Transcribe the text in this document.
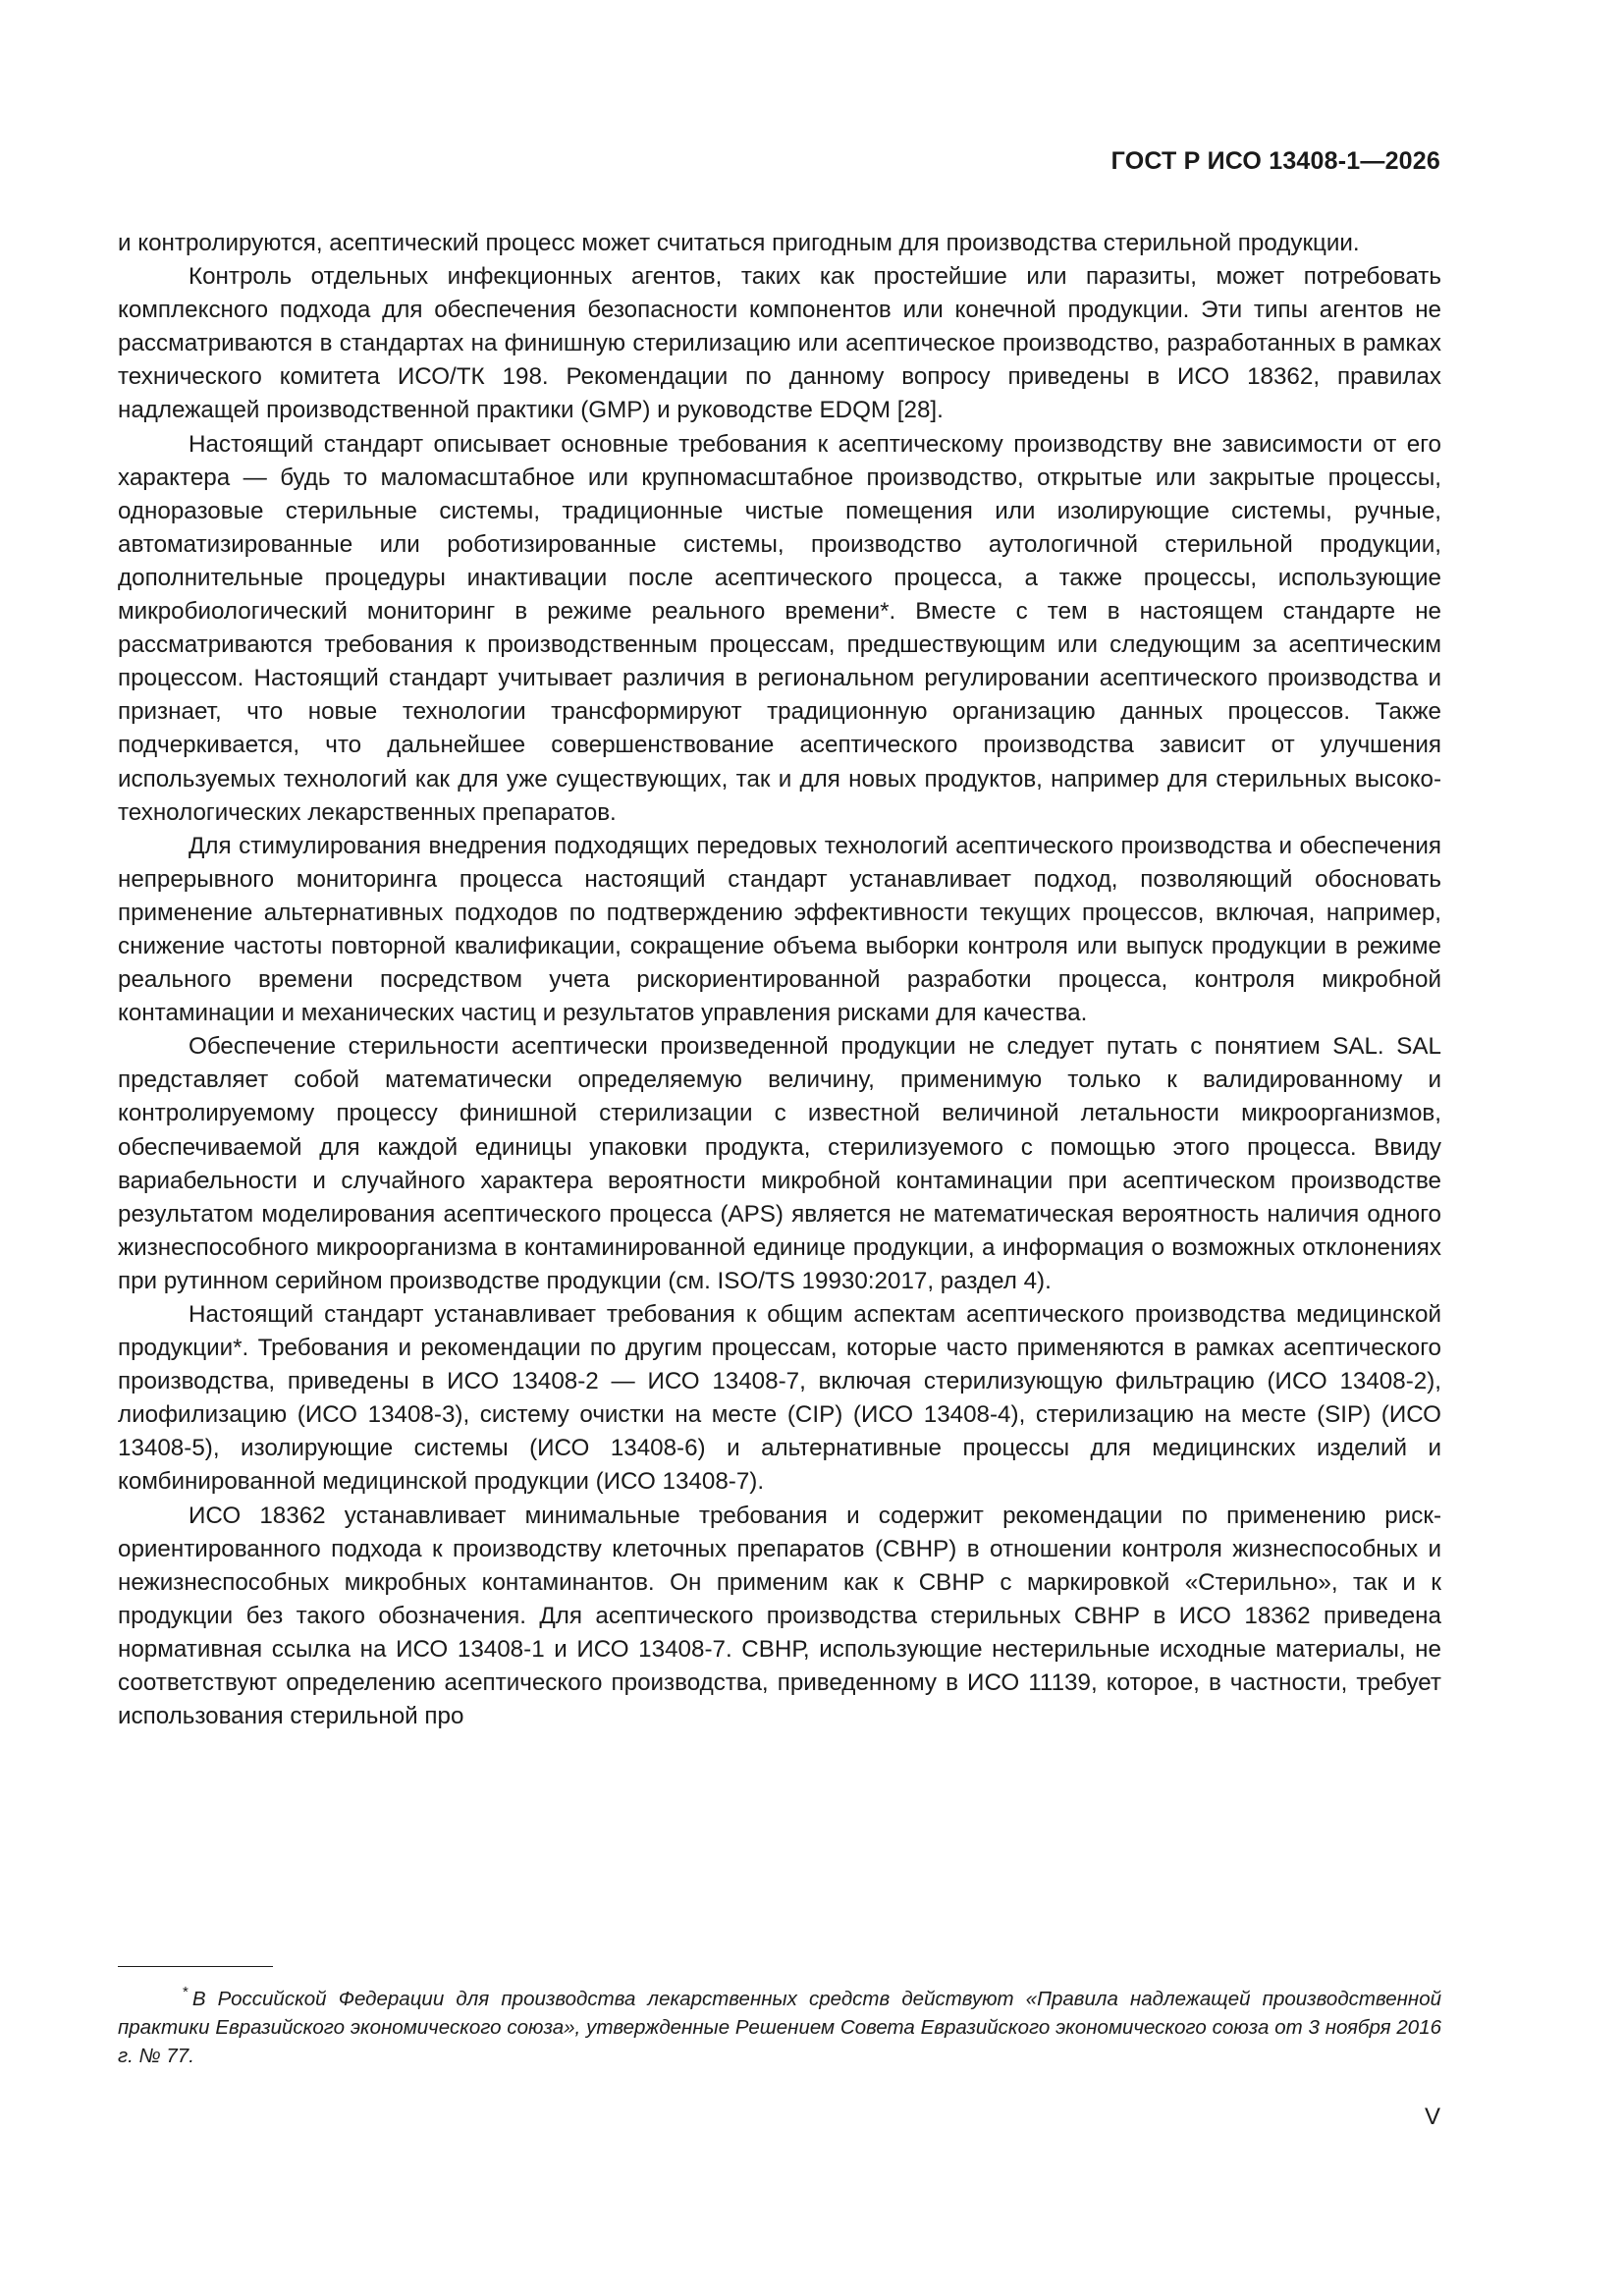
ГОСТ Р ИСО 13408-1—2026

и контролируются, асептический процесс может считаться пригодным для производства стерильной продукции.

Контроль отдельных инфекционных агентов, таких как простейшие или паразиты, может потребовать комплексного подхода для обеспечения безопасности компонентов или конечной продукции. Эти типы агентов не рассматриваются в стандартах на финишную стерилизацию или асептическое производство, разработанных в рамках технического комитета ИСО/ТК 198. Рекомендации по данному вопросу приведены в ИСО 18362, правилах надлежащей производственной практики (GMP) и руководстве EDQM [28].

Настоящий стандарт описывает основные требования к асептическому производству вне зависимости от его характера — будь то маломасштабное или крупномасштабное производство, открытые или закрытые процессы, одноразовые стерильные системы, традиционные чистые помещения или изолирующие системы, ручные, автоматизированные или роботизированные системы, производство аутологичной стерильной продукции, дополнительные процедуры инактивации после асептического процесса, а также процессы, использующие микробиологический мониторинг в режиме реального времени*. Вместе с тем в настоящем стандарте не рассматриваются требования к производственным процессам, предшествующим или следующим за асептическим процессом. Настоящий стандарт учитывает различия в региональном регулировании асептического производства и признает, что новые технологии трансформируют традиционную организацию данных процессов. Также подчеркивается, что дальнейшее совершенствование асептического производства зависит от улучшения используемых технологий как для уже существующих, так и для новых продуктов, например для стерильных высокотехнологических лекарственных препаратов.

Для стимулирования внедрения подходящих передовых технологий асептического производства и обеспечения непрерывного мониторинга процесса настоящий стандарт устанавливает подход, позволяющий обосновать применение альтернативных подходов по подтверждению эффективности текущих процессов, включая, например, снижение частоты повторной квалификации, сокращение объема выборки контроля или выпуск продукции в режиме реального времени посредством учета рискориентированной разработки процесса, контроля микробной контаминации и механических частиц и результатов управления рисками для качества.

Обеспечение стерильности асептически произведенной продукции не следует путать с понятием SAL. SAL представляет собой математически определяемую величину, применимую только к валидированному и контролируемому процессу финишной стерилизации с известной величиной летальности микроорганизмов, обеспечиваемой для каждой единицы упаковки продукта, стерилизуемого с помощью этого процесса. Ввиду вариабельности и случайного характера вероятности микробной контаминации при асептическом производстве результатом моделирования асептического процесса (APS) является не математическая вероятность наличия одного жизнеспособного микроорганизма в контаминированной единице продукции, а информация о возможных отклонениях при рутинном серийном производстве продукции (см. ISO/TS 19930:2017, раздел 4).

Настоящий стандарт устанавливает требования к общим аспектам асептического производства медицинской продукции*. Требования и рекомендации по другим процессам, которые часто применяются в рамках асептического производства, приведены в ИСО 13408-2 — ИСО 13408-7, включая стерилизующую фильтрацию (ИСО 13408-2), лиофилизацию (ИСО 13408-3), систему очистки на месте (CIP) (ИСО 13408-4), стерилизацию на месте (SIP) (ИСО 13408-5), изолирующие системы (ИСО 13408-6) и альтернативные процессы для медицинских изделий и комбинированной медицинской продукции (ИСО 13408-7).

ИСО 18362 устанавливает минимальные требования и содержит рекомендации по применению риск-ориентированного подхода к производству клеточных препаратов (СВНР) в отношении контроля жизнеспособных и нежизнеспособных микробных контаминантов. Он применим как к СВНР с маркировкой «Стерильно», так и к продукции без такого обозначения. Для асептического производства стерильных СВНР в ИСО 18362 приведена нормативная ссылка на ИСО 13408-1 и ИСО 13408-7. СВНР, использующие нестерильные исходные материалы, не соответствуют определению асептического производства, приведенному в ИСО 11139, которое, в частности, требует использования стерильной про

* В Российской Федерации для производства лекарственных средств действуют «Правила надлежащей производственной практики Евразийского экономического союза», утвержденные Решением Совета Евразийского экономического союза от 3 ноября 2016 г. № 77.

V
